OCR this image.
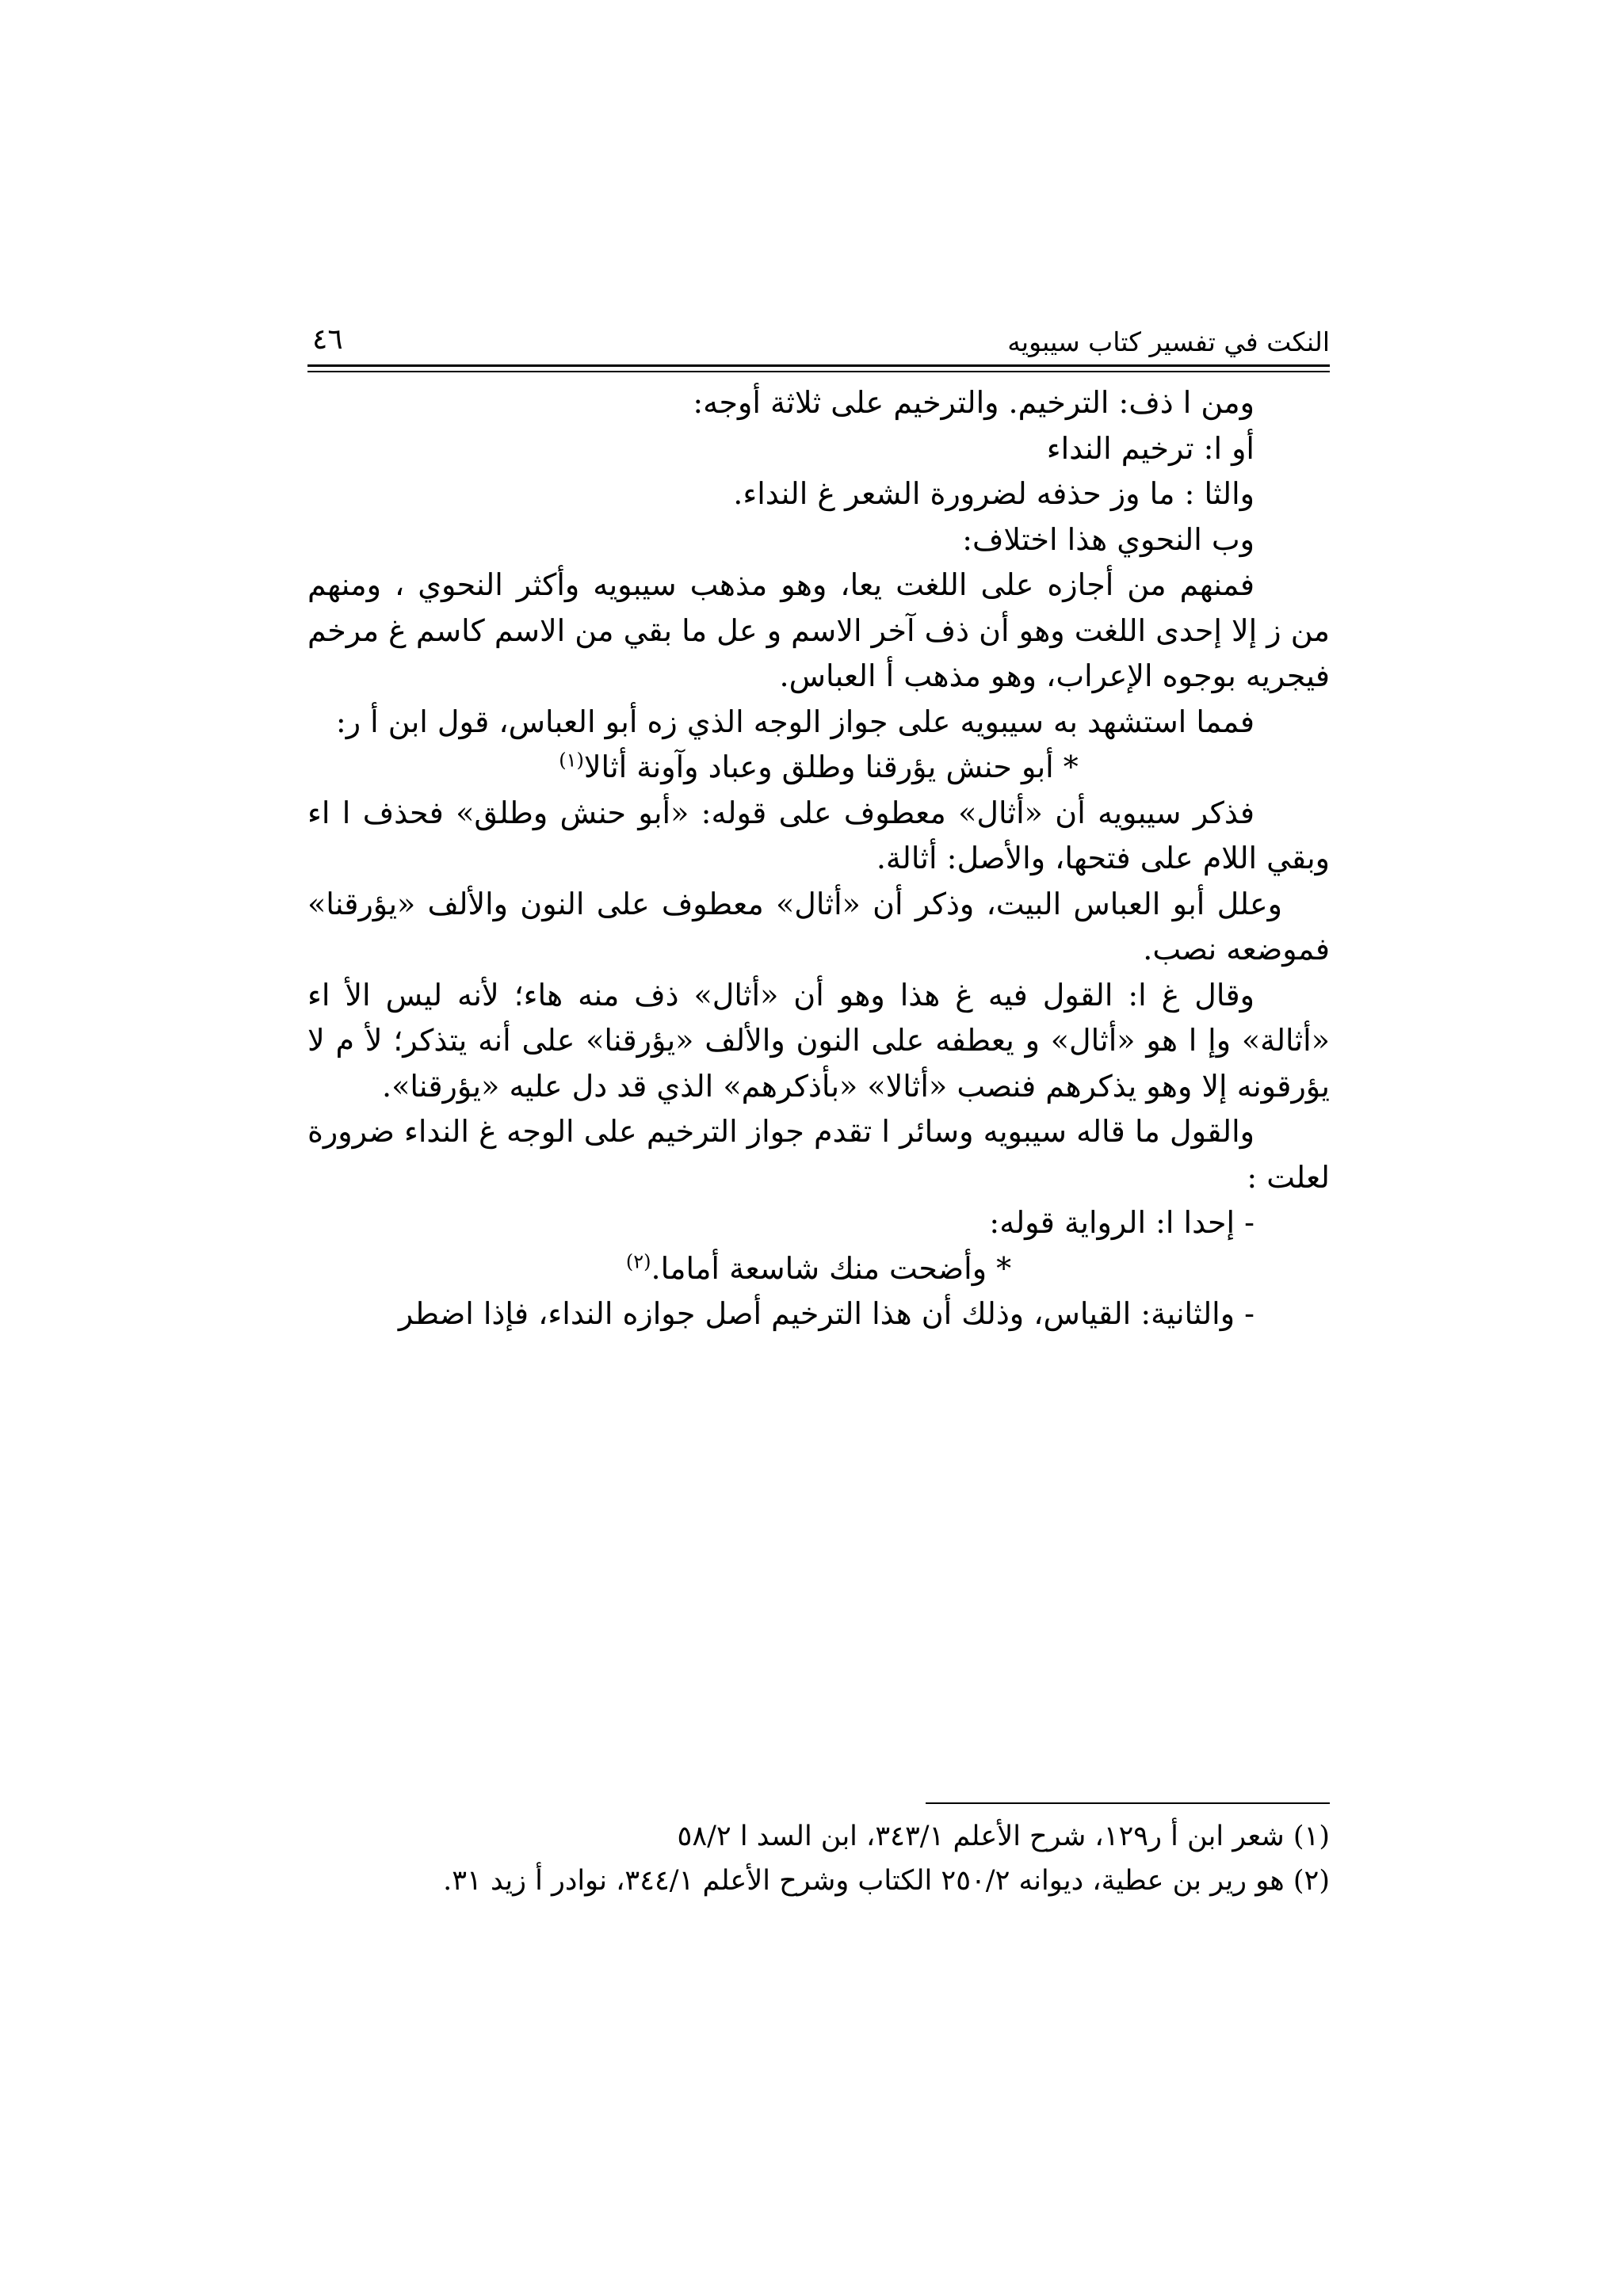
النكت في تفسير كتاب سيبويه
٤٦

ومن ا ذف: الترخيم. والترخيم على ثلاثة أوجه:

أو ا: ترخيم النداء

والثا : ما وز حذفه لضرورة الشعر غ النداء.

وب النحوي هذا اختلاف:

فمنهم من أجازه على اللغت يعا، وهو مذهب سيبويه وأكثر النحوي ، ومنهم من ز إلا إحدى اللغت وهو أن ذف آخر الاسم و عل ما بقي من الاسم كاسم غ مرخم فيجريه بوجوه الإعراب، وهو مذهب أ العباس.

فمما استشهد به سيبويه على جواز الوجه الذي زه أبو العباس، قول ابن أ ر:

* أبو حنش يؤرقنا وطلق وعباد وآونة أثالا$^{(١)}$

فذكر سيبويه أن «أثال» معطوف على قوله: «أبو حنش وطلق» فحذف ا اء وبقي اللام على فتحها، والأصل: أثالة.

وعلل أبو العباس البيت، وذكر أن «أثال» معطوف على النون والألف «يؤرقنا» فموضعه نصب.

وقال غ ا: القول فيه غ هذا وهو أن «أثال» ذف منه هاء؛ لأنه ليس الأ اء «أثالة» وإ ا هو «أثال» و يعطفه على النون والألف «يؤرقنا» على أنه يتذكر؛ لأ م لا يؤرقونه إلا وهو يذكرهم فنصب «أثالا» «بأذكرهم» الذي قد دل عليه «يؤرقنا».

والقول ما قاله سيبويه وسائر ا تقدم جواز الترخيم على الوجه غ النداء ضرورة لعلت :

- إحدا ا: الرواية قوله:

* وأضحت منك شاسعة أماما.$^{(٢)}$

- والثانية: القياس، وذلك أن هذا الترخيم أصل جوازه النداء، فإذا اضطر

(١) شعر ابن أ ر١٢٩، شرح الأعلم ٣٤٣/١، ابن السد ا ٥٨/٢

(٢) هو رير بن عطية، ديوانه ٢٥٠/٢ الكتاب وشرح الأعلم ٣٤٤/١، نوادر أ زيد ٣١.
